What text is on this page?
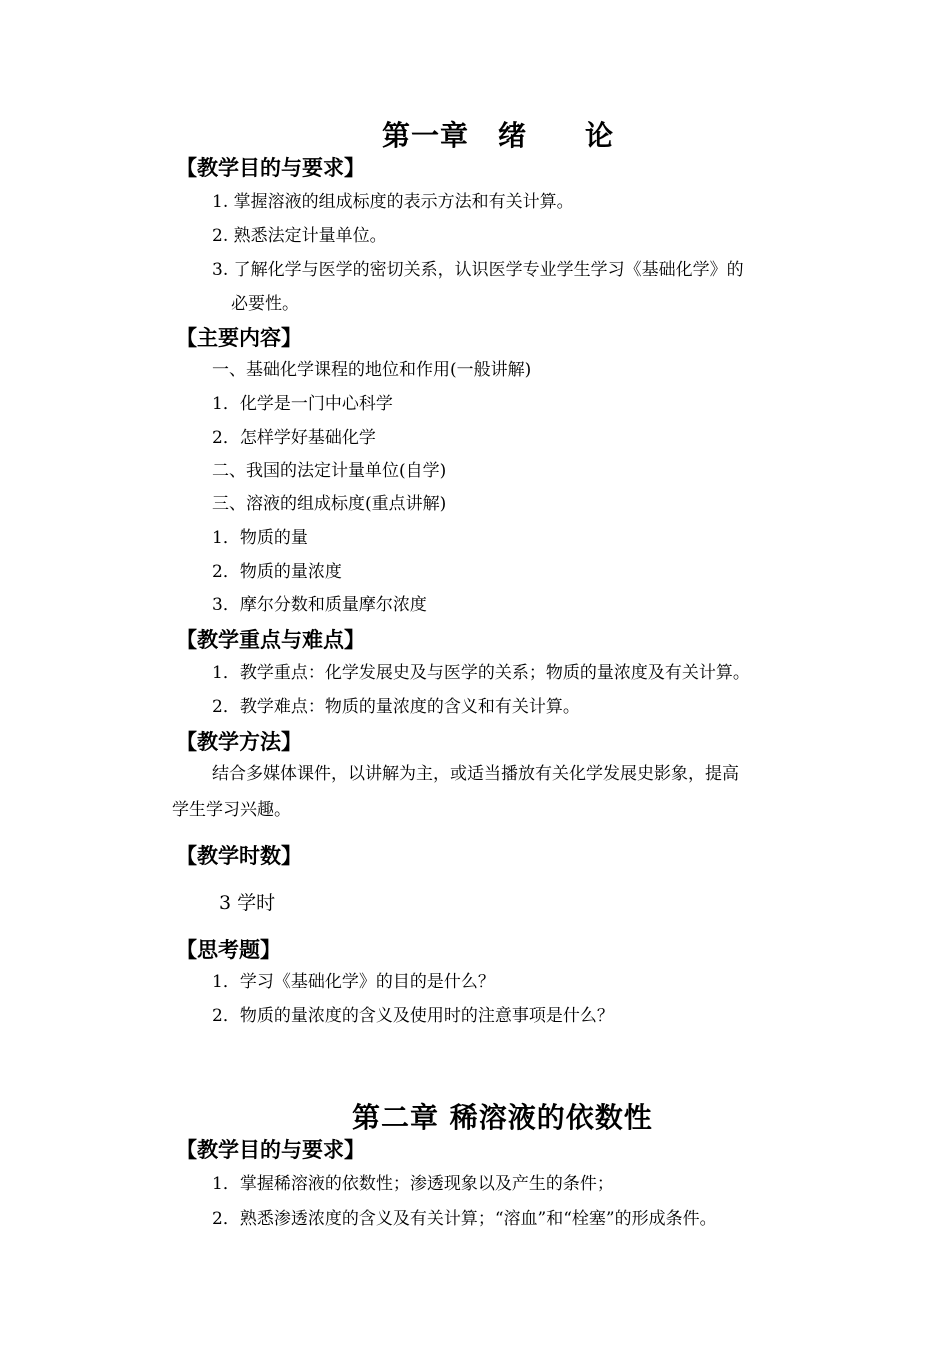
第一章　绪　　论
【教学目的与要求】
1. 掌握溶液的组成标度的表示方法和有关计算。
2. 熟悉法定计量单位。
3. 了解化学与医学的密切关系，认识医学专业学生学习《基础化学》的
必要性。
【主要内容】
一、基础化学课程的地位和作用(一般讲解)
1．化学是一门中心科学
2．怎样学好基础化学
二、我国的法定计量单位(自学)
三、溶液的组成标度(重点讲解)
1．物质的量
2．物质的量浓度
3．摩尔分数和质量摩尔浓度
【教学重点与难点】
1．教学重点：化学发展史及与医学的关系；物质的量浓度及有关计算。
2．教学难点：物质的量浓度的含义和有关计算。
【教学方法】
结合多媒体课件，以讲解为主，或适当播放有关化学发展史影象，提高
学生学习兴趣。
【教学时数】
3 学时
【思考题】
1．学习《基础化学》的目的是什么？
2．物质的量浓度的含义及使用时的注意事项是什么？
第二章 稀溶液的依数性
【教学目的与要求】
1．掌握稀溶液的依数性；渗透现象以及产生的条件；
2．熟悉渗透浓度的含义及有关计算；“溶血”和“栓塞”的形成条件。
